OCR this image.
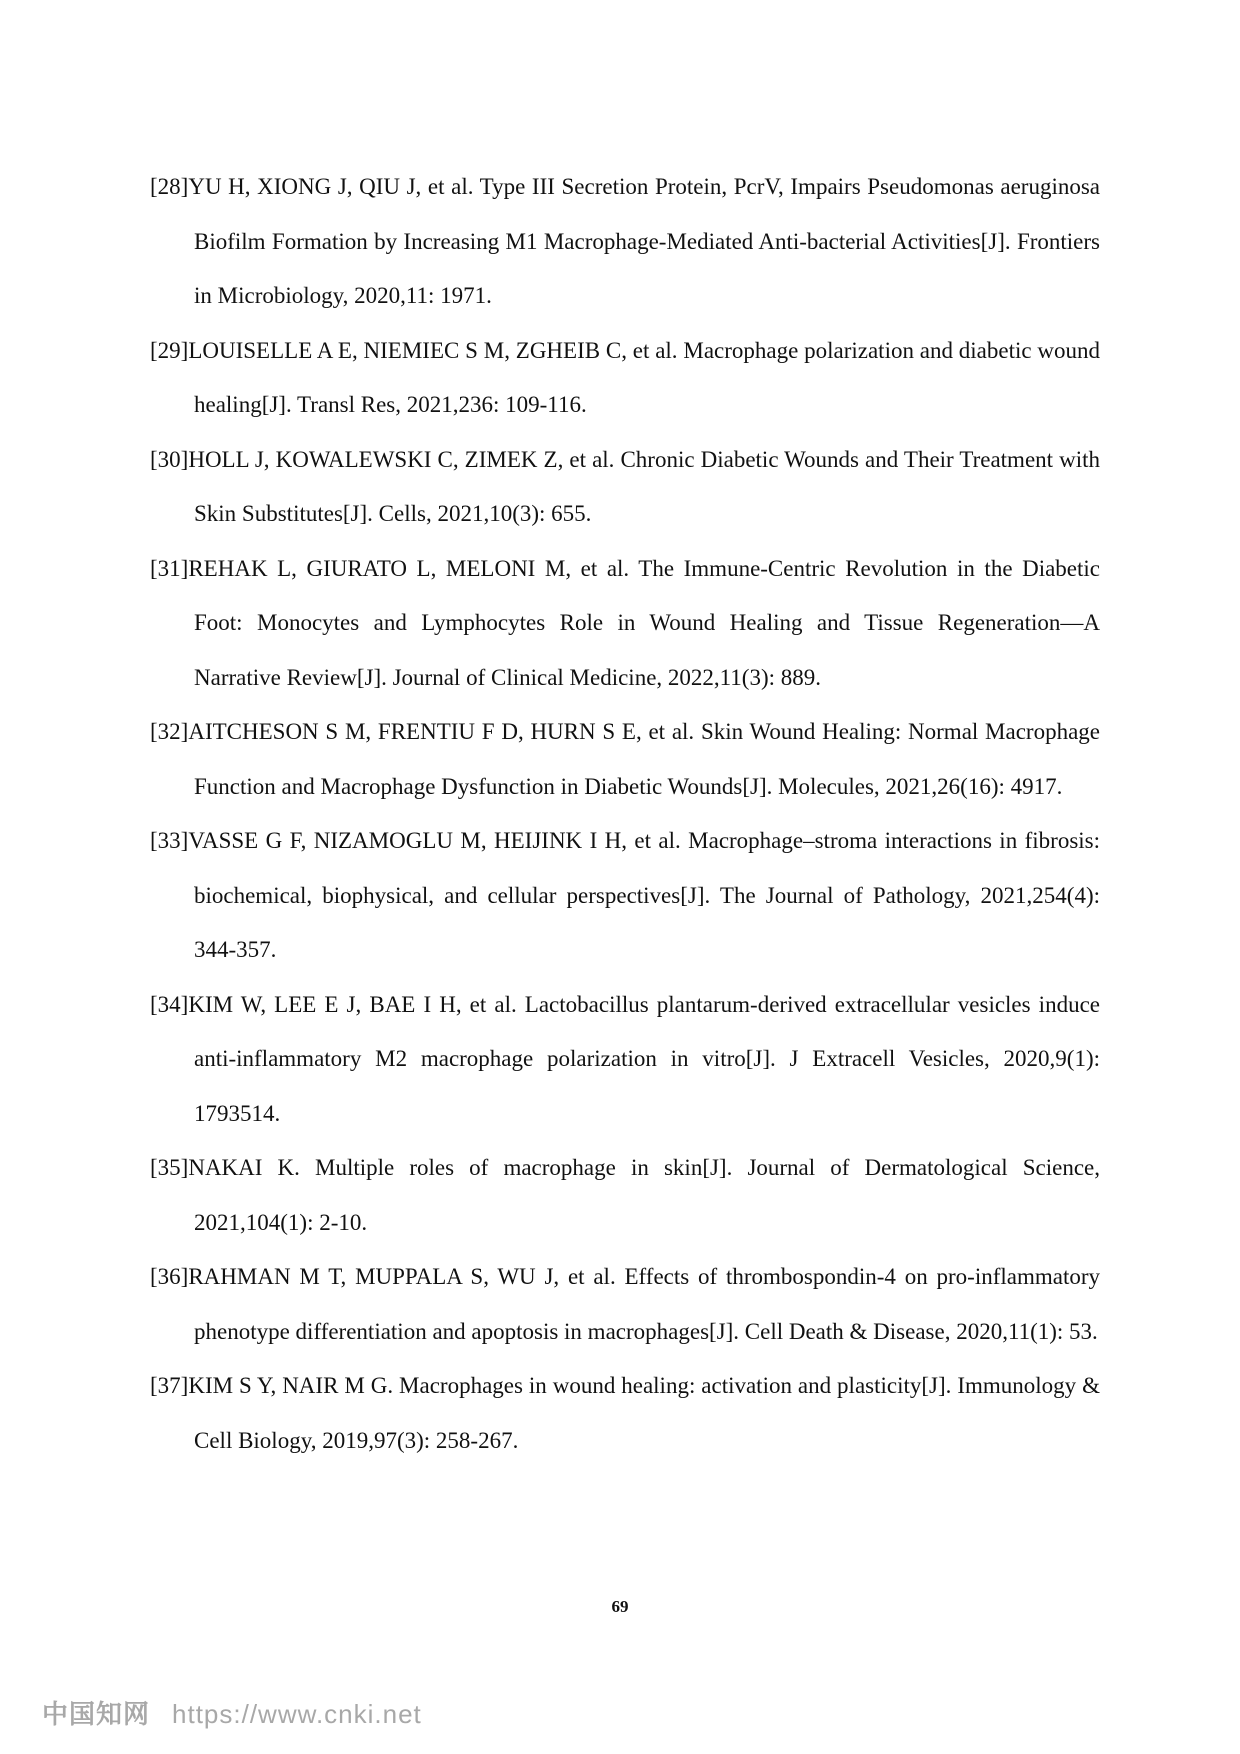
[28]YU H, XIONG J, QIU J, et al. Type III Secretion Protein, PcrV, Impairs Pseudomonas aeruginosa Biofilm Formation by Increasing M1 Macrophage-Mediated Anti-bacterial Activities[J]. Frontiers in Microbiology, 2020,11: 1971.
[29]LOUISELLE A E, NIEMIEC S M, ZGHEIB C, et al. Macrophage polarization and diabetic wound healing[J]. Transl Res, 2021,236: 109-116.
[30]HOLL J, KOWALEWSKI C, ZIMEK Z, et al. Chronic Diabetic Wounds and Their Treatment with Skin Substitutes[J]. Cells, 2021,10(3): 655.
[31]REHAK L, GIURATO L, MELONI M, et al. The Immune-Centric Revolution in the Diabetic Foot: Monocytes and Lymphocytes Role in Wound Healing and Tissue Regeneration—A Narrative Review[J]. Journal of Clinical Medicine, 2022,11(3): 889.
[32]AITCHESON S M, FRENTIU F D, HURN S E, et al. Skin Wound Healing: Normal Macrophage Function and Macrophage Dysfunction in Diabetic Wounds[J]. Molecules, 2021,26(16): 4917.
[33]VASSE G F, NIZAMOGLU M, HEIJINK I H, et al. Macrophage–stroma interactions in fibrosis: biochemical, biophysical, and cellular perspectives[J]. The Journal of Pathology, 2021,254(4): 344-357.
[34]KIM W, LEE E J, BAE I H, et al. Lactobacillus plantarum-derived extracellular vesicles induce anti-inflammatory M2 macrophage polarization in vitro[J]. J Extracell Vesicles, 2020,9(1): 1793514.
[35]NAKAI K. Multiple roles of macrophage in skin[J]. Journal of Dermatological Science, 2021,104(1): 2-10.
[36]RAHMAN M T, MUPPALA S, WU J, et al. Effects of thrombospondin-4 on pro-inflammatory phenotype differentiation and apoptosis in macrophages[J]. Cell Death & Disease, 2020,11(1): 53.
[37]KIM S Y, NAIR M G. Macrophages in wound healing: activation and plasticity[J]. Immunology & Cell Biology, 2019,97(3): 258-267.
69
中国知网 https://www.cnki.net
